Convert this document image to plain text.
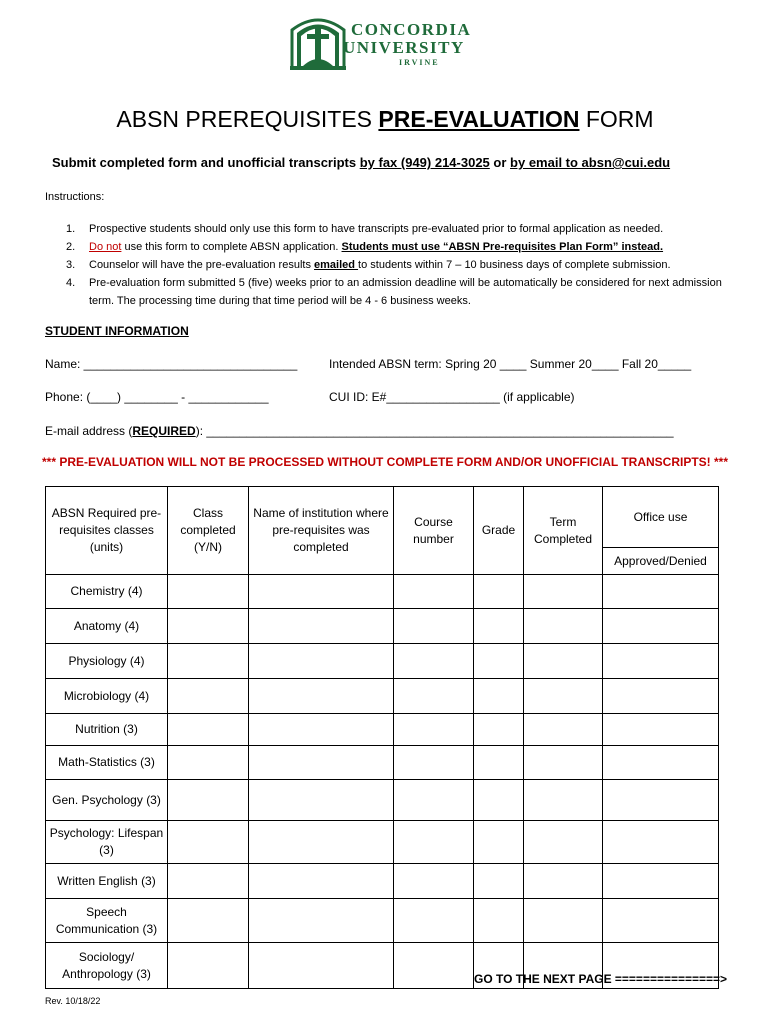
CONCORDIA
UNIVERSITY
IRVINE
ABSN PREREQUISITES PRE-EVALUATION FORM
Submit completed form and unofficial transcripts by fax (949) 214-3025 or by email to absn@cui.edu
Instructions:
1. Prospective students should only use this form to have transcripts pre-evaluated prior to formal application as needed.
2. Do not use this form to complete ABSN application. Students must use “ABSN Pre-requisites Plan Form” instead.
3. Counselor will have the pre-evaluation results emailed to students within 7 – 10 business days of complete submission.
4. Pre-evaluation form submitted 5 (five) weeks prior to an admission deadline will be automatically be considered for next admission term. The processing time during that time period will be 4 - 6 business weeks.
STUDENT INFORMATION
Name: ________________________________	Intended ABSN term: Spring 20 ____ Summer 20____ Fall 20_____
Phone: (____) ________ - ____________	CUI ID: E#_________________ (if applicable)
E-mail address (REQUIRED): ______________________________________________________________________
*** PRE-EVALUATION WILL NOT BE PROCESSED WITHOUT COMPLETE FORM AND/OR UNOFFICIAL TRANSCRIPTS! ***
ABSN Required pre-requisites classes (units)	Class completed (Y/N)	Name of institution where pre-requisites was completed	Course number	Grade	Term Completed	Office use
						Approved/Denied
Chemistry (4)						
Anatomy (4)						
Physiology (4)						
Microbiology (4)						
Nutrition (3)						
Math-Statistics (3)						
Gen. Psychology (3)						
Psychology: Lifespan (3)						
Written English (3)						
Speech Communication (3)						
Sociology/ Anthropology (3)							GO TO THE NEXT PAGE ===============>
Rev. 10/18/22
